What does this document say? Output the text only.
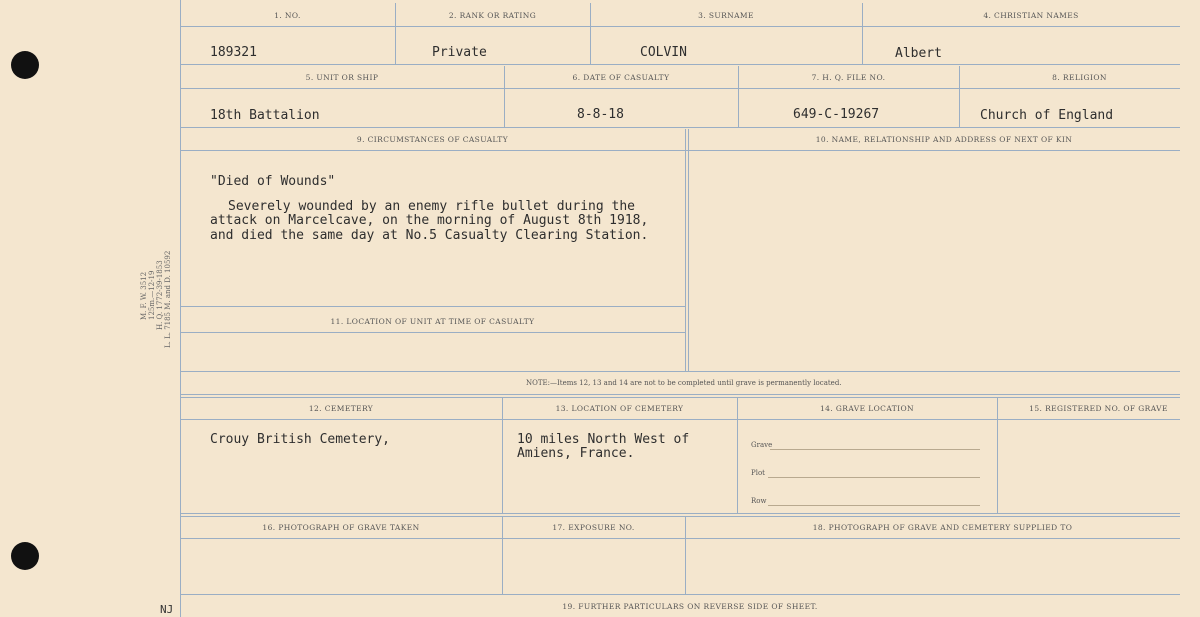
M. F. W. 3512 125m.—12-19 H. Q. 1772-39-1853 L. L. 7185 M. and D. 10592
NJ
1. NO.	2. RANK OR RATING	3. SURNAME	4. CHRISTIAN NAMES
189321	Private	COLVIN	Albert
5. UNIT OR SHIP	6. DATE OF CASUALTY	7. H. Q. FILE NO.	8. RELIGION
18th Battalion	8-8-18	649-C-19267	Church of England
9. CIRCUMSTANCES OF CASUALTY	10. NAME, RELATIONSHIP AND ADDRESS OF NEXT OF KIN
"Died of Wounds"
Severely wounded by an enemy rifle bullet during the
attack on Marcelcave, on the morning of August 8th 1918,
and died the same day at No.5 Casualty Clearing Station.
11. LOCATION OF UNIT AT TIME OF CASUALTY
NOTE:—Items 12, 13 and 14 are not to be completed until grave is permanently located.
12. CEMETERY	13. LOCATION OF CEMETERY	14. GRAVE LOCATION	15. REGISTERED NO. OF GRAVE
Crouy British Cemetery,	10 miles North West of
Amiens, France.
Grave
Plot
Row
16. PHOTOGRAPH OF GRAVE TAKEN	17. EXPOSURE NO.	18. PHOTOGRAPH OF GRAVE AND CEMETERY SUPPLIED TO
19. FURTHER PARTICULARS ON REVERSE SIDE OF SHEET.
